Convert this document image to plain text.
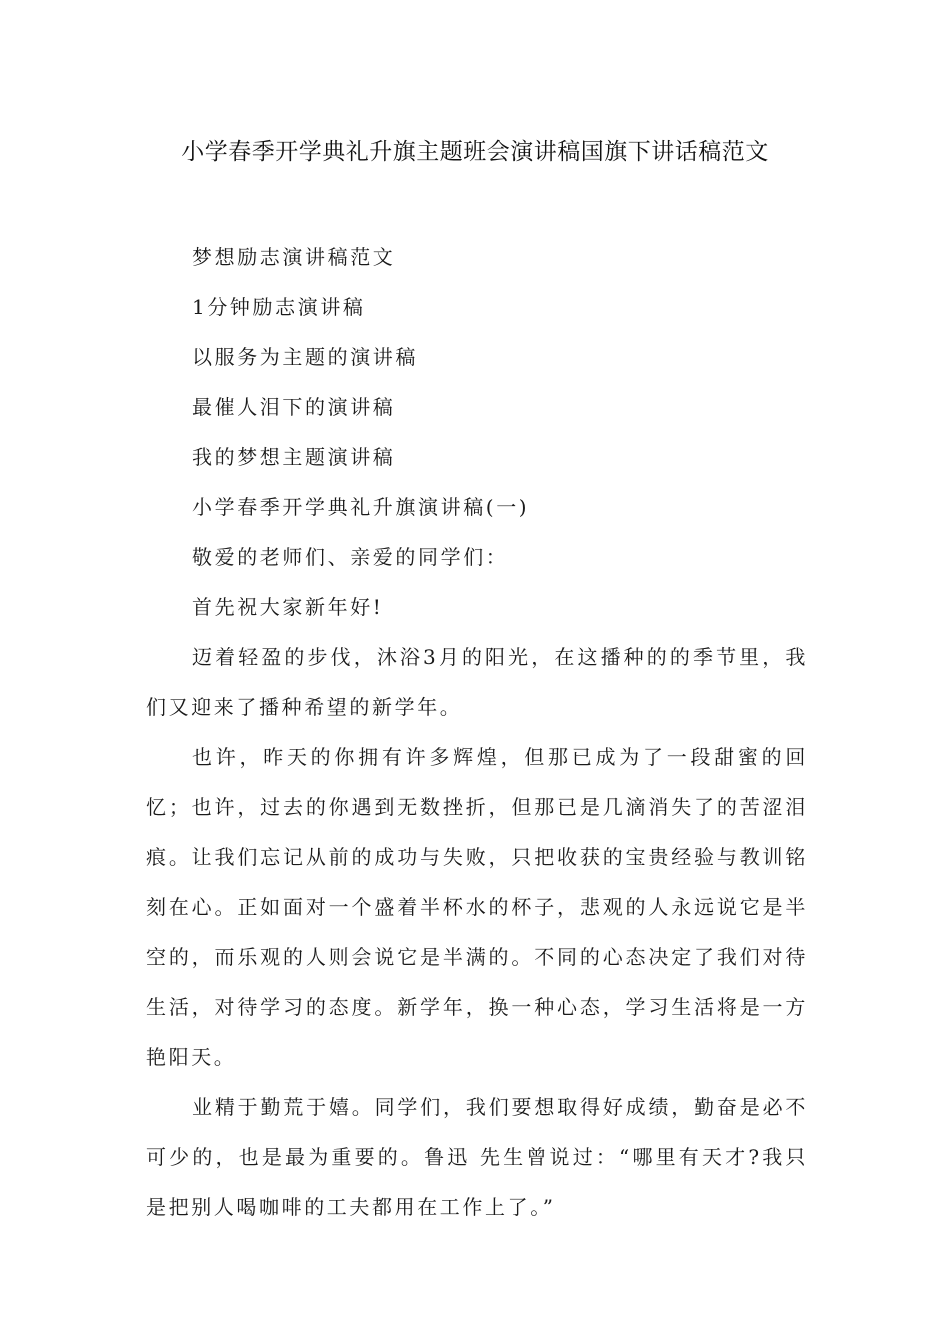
小学春季开学典礼升旗主题班会演讲稿国旗下讲话稿范文

梦想励志演讲稿范文

1分钟励志演讲稿

以服务为主题的演讲稿

最催人泪下的演讲稿

我的梦想主题演讲稿

小学春季开学典礼升旗演讲稿(一)

敬爱的老师们、亲爱的同学们：

首先祝大家新年好!

迈着轻盈的步伐，沐浴3月的阳光，在这播种的的季节里，我们又迎来了播种希望的新学年。

也许，昨天的你拥有许多辉煌，但那已成为了一段甜蜜的回忆；也许，过去的你遇到无数挫折，但那已是几滴消失了的苦涩泪痕。让我们忘记从前的成功与失败，只把收获的宝贵经验与教训铭刻在心。正如面对一个盛着半杯水的杯子，悲观的人永远说它是半空的，而乐观的人则会说它是半满的。不同的心态决定了我们对待生活，对待学习的态度。新学年，换一种心态，学习生活将是一方艳阳天。

业精于勤荒于嬉。同学们，我们要想取得好成绩，勤奋是必不可少的，也是最为重要的。鲁迅 先生曾说过：“哪里有天才?我只是把别人喝咖啡的工夫都用在工作上了。”
